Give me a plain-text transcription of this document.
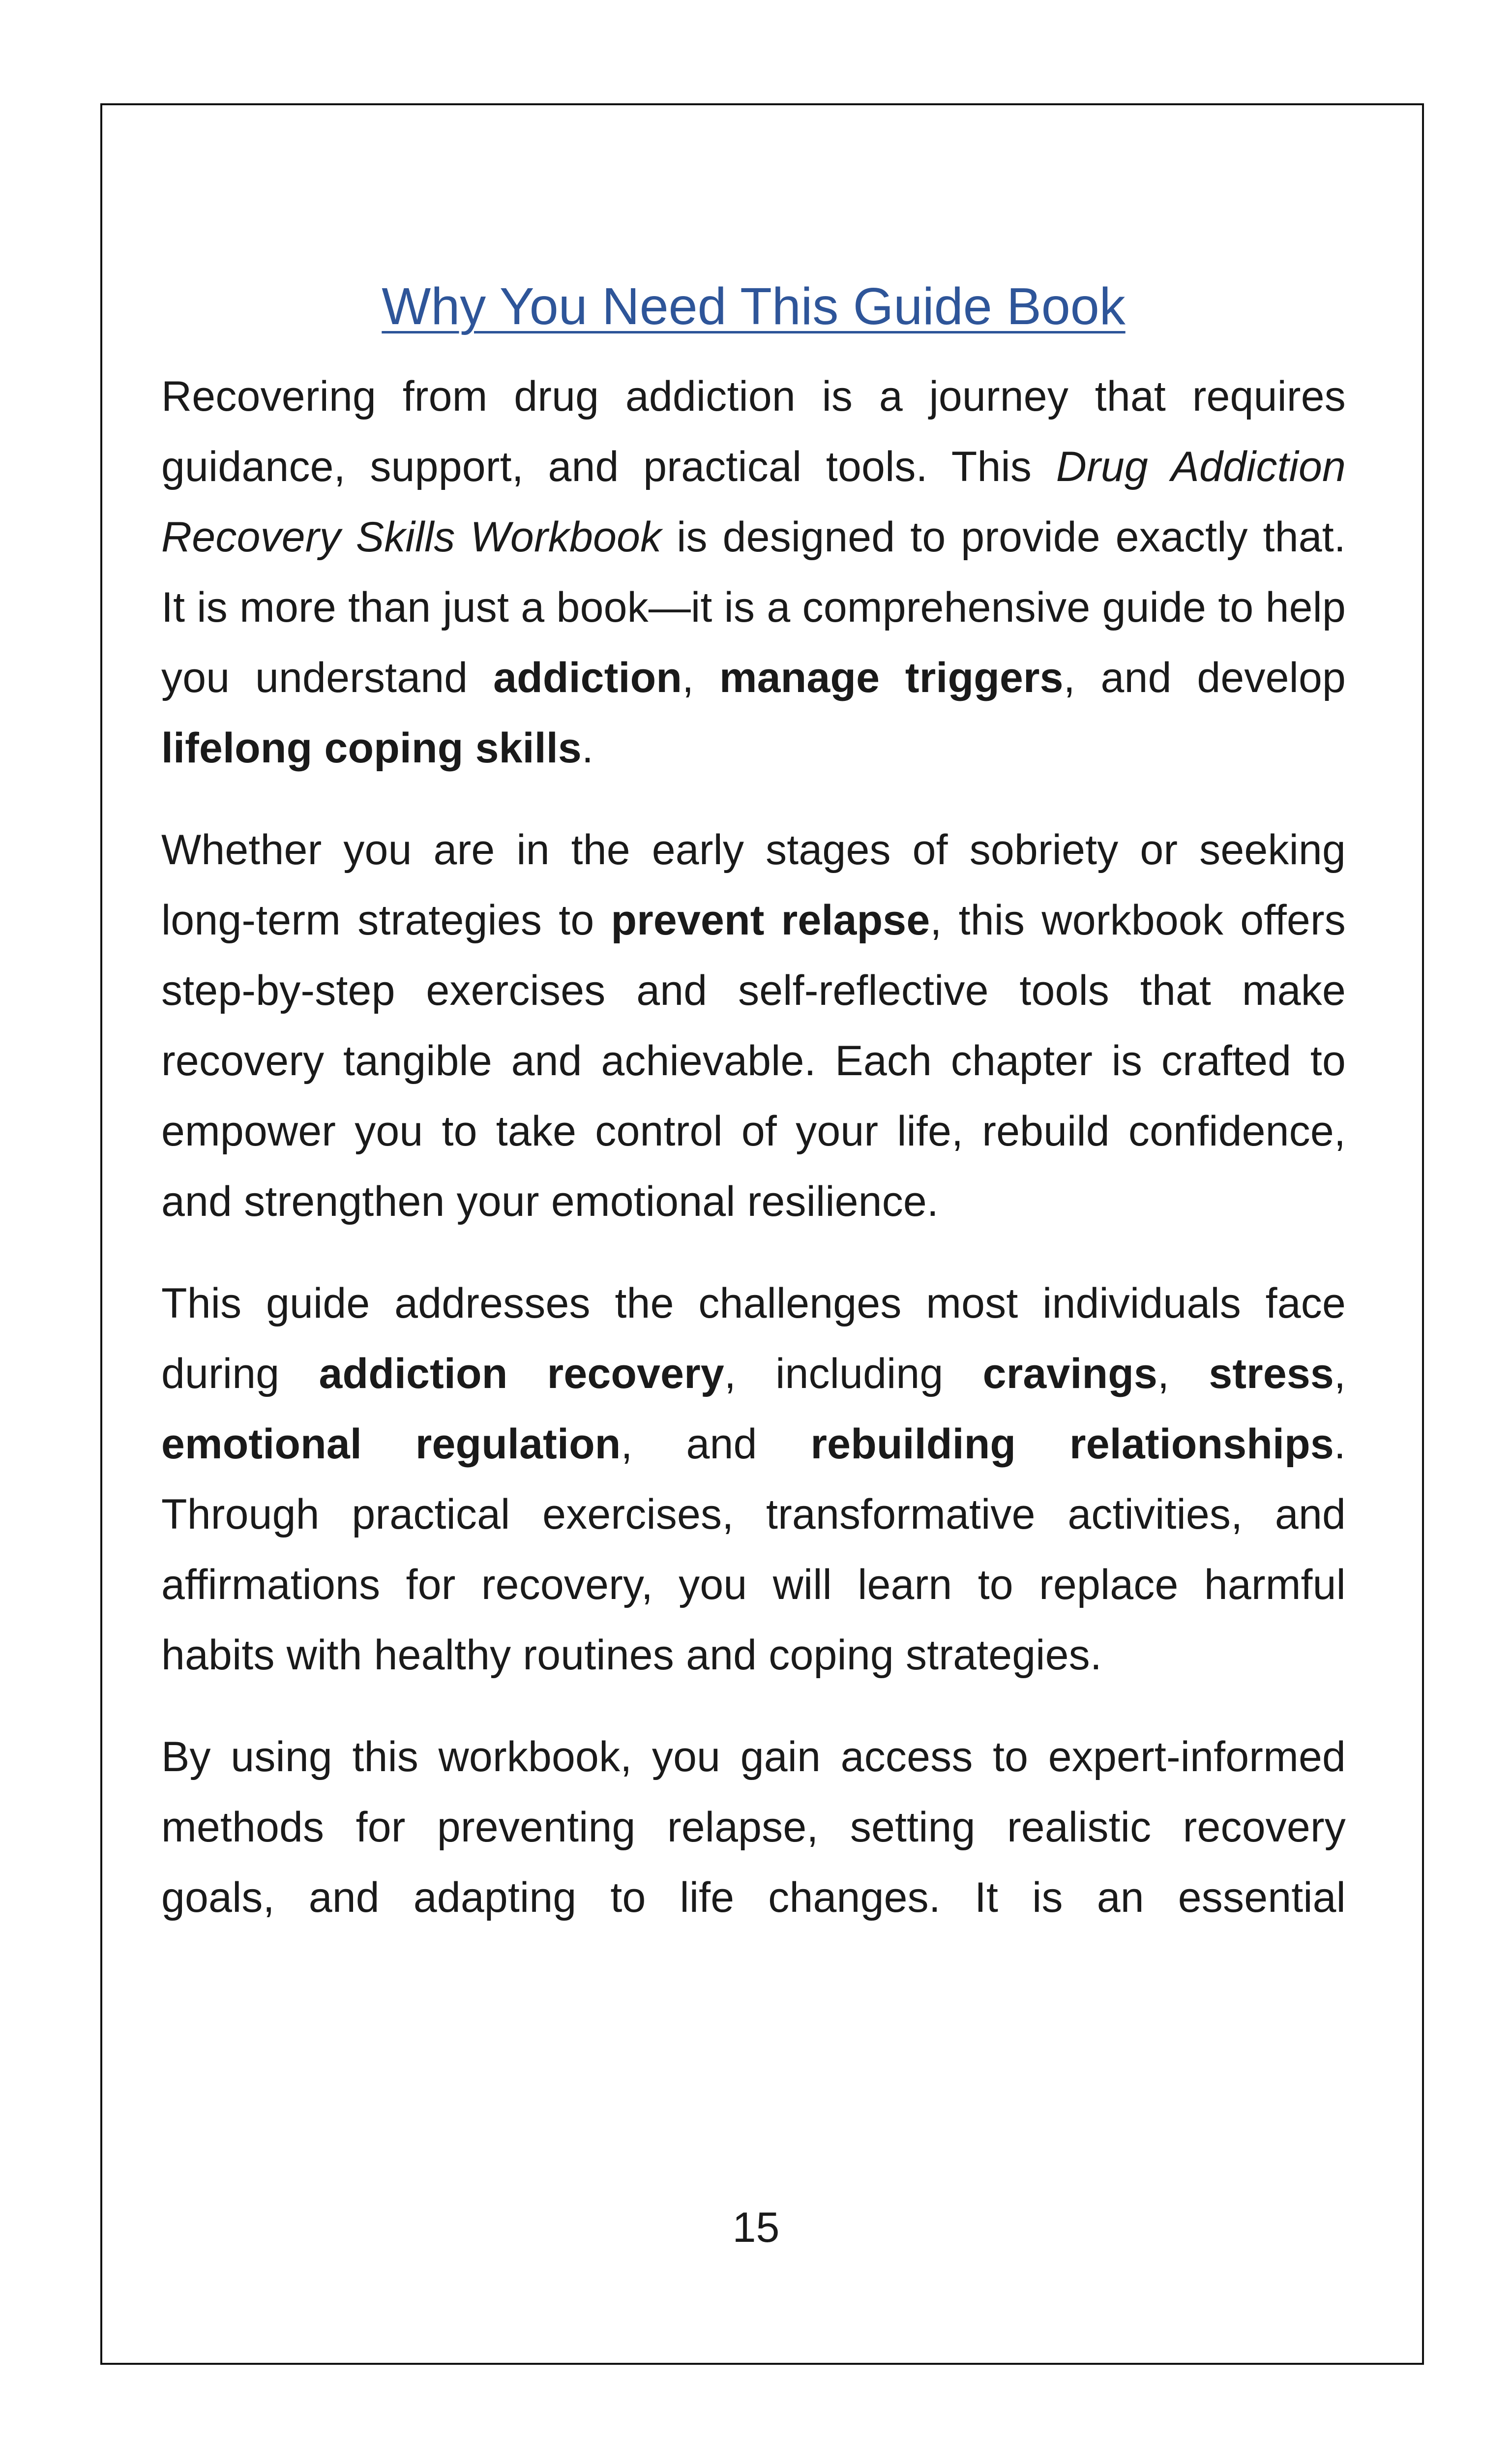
Why You Need This Guide Book

Recovering from drug addiction is a journey that requires guidance, support, and practical tools. This Drug Addiction Recovery Skills Workbook is designed to provide exactly that. It is more than just a book—it is a comprehensive guide to help you understand addiction, manage triggers, and develop lifelong coping skills.

Whether you are in the early stages of sobriety or seeking long-term strategies to prevent relapse, this workbook offers step-by-step exercises and self-reflective tools that make recovery tangible and achievable. Each chapter is crafted to empower you to take control of your life, rebuild confidence, and strengthen your emotional resilience.

This guide addresses the challenges most individuals face during addiction recovery, including cravings, stress, emotional regulation, and rebuilding relationships. Through practical exercises, transformative activities, and affirmations for recovery, you will learn to replace harmful habits with healthy routines and coping strategies.

By using this workbook, you gain access to expert-informed methods for preventing relapse, setting realistic recovery goals, and adapting to life changes. It is an essential

15
